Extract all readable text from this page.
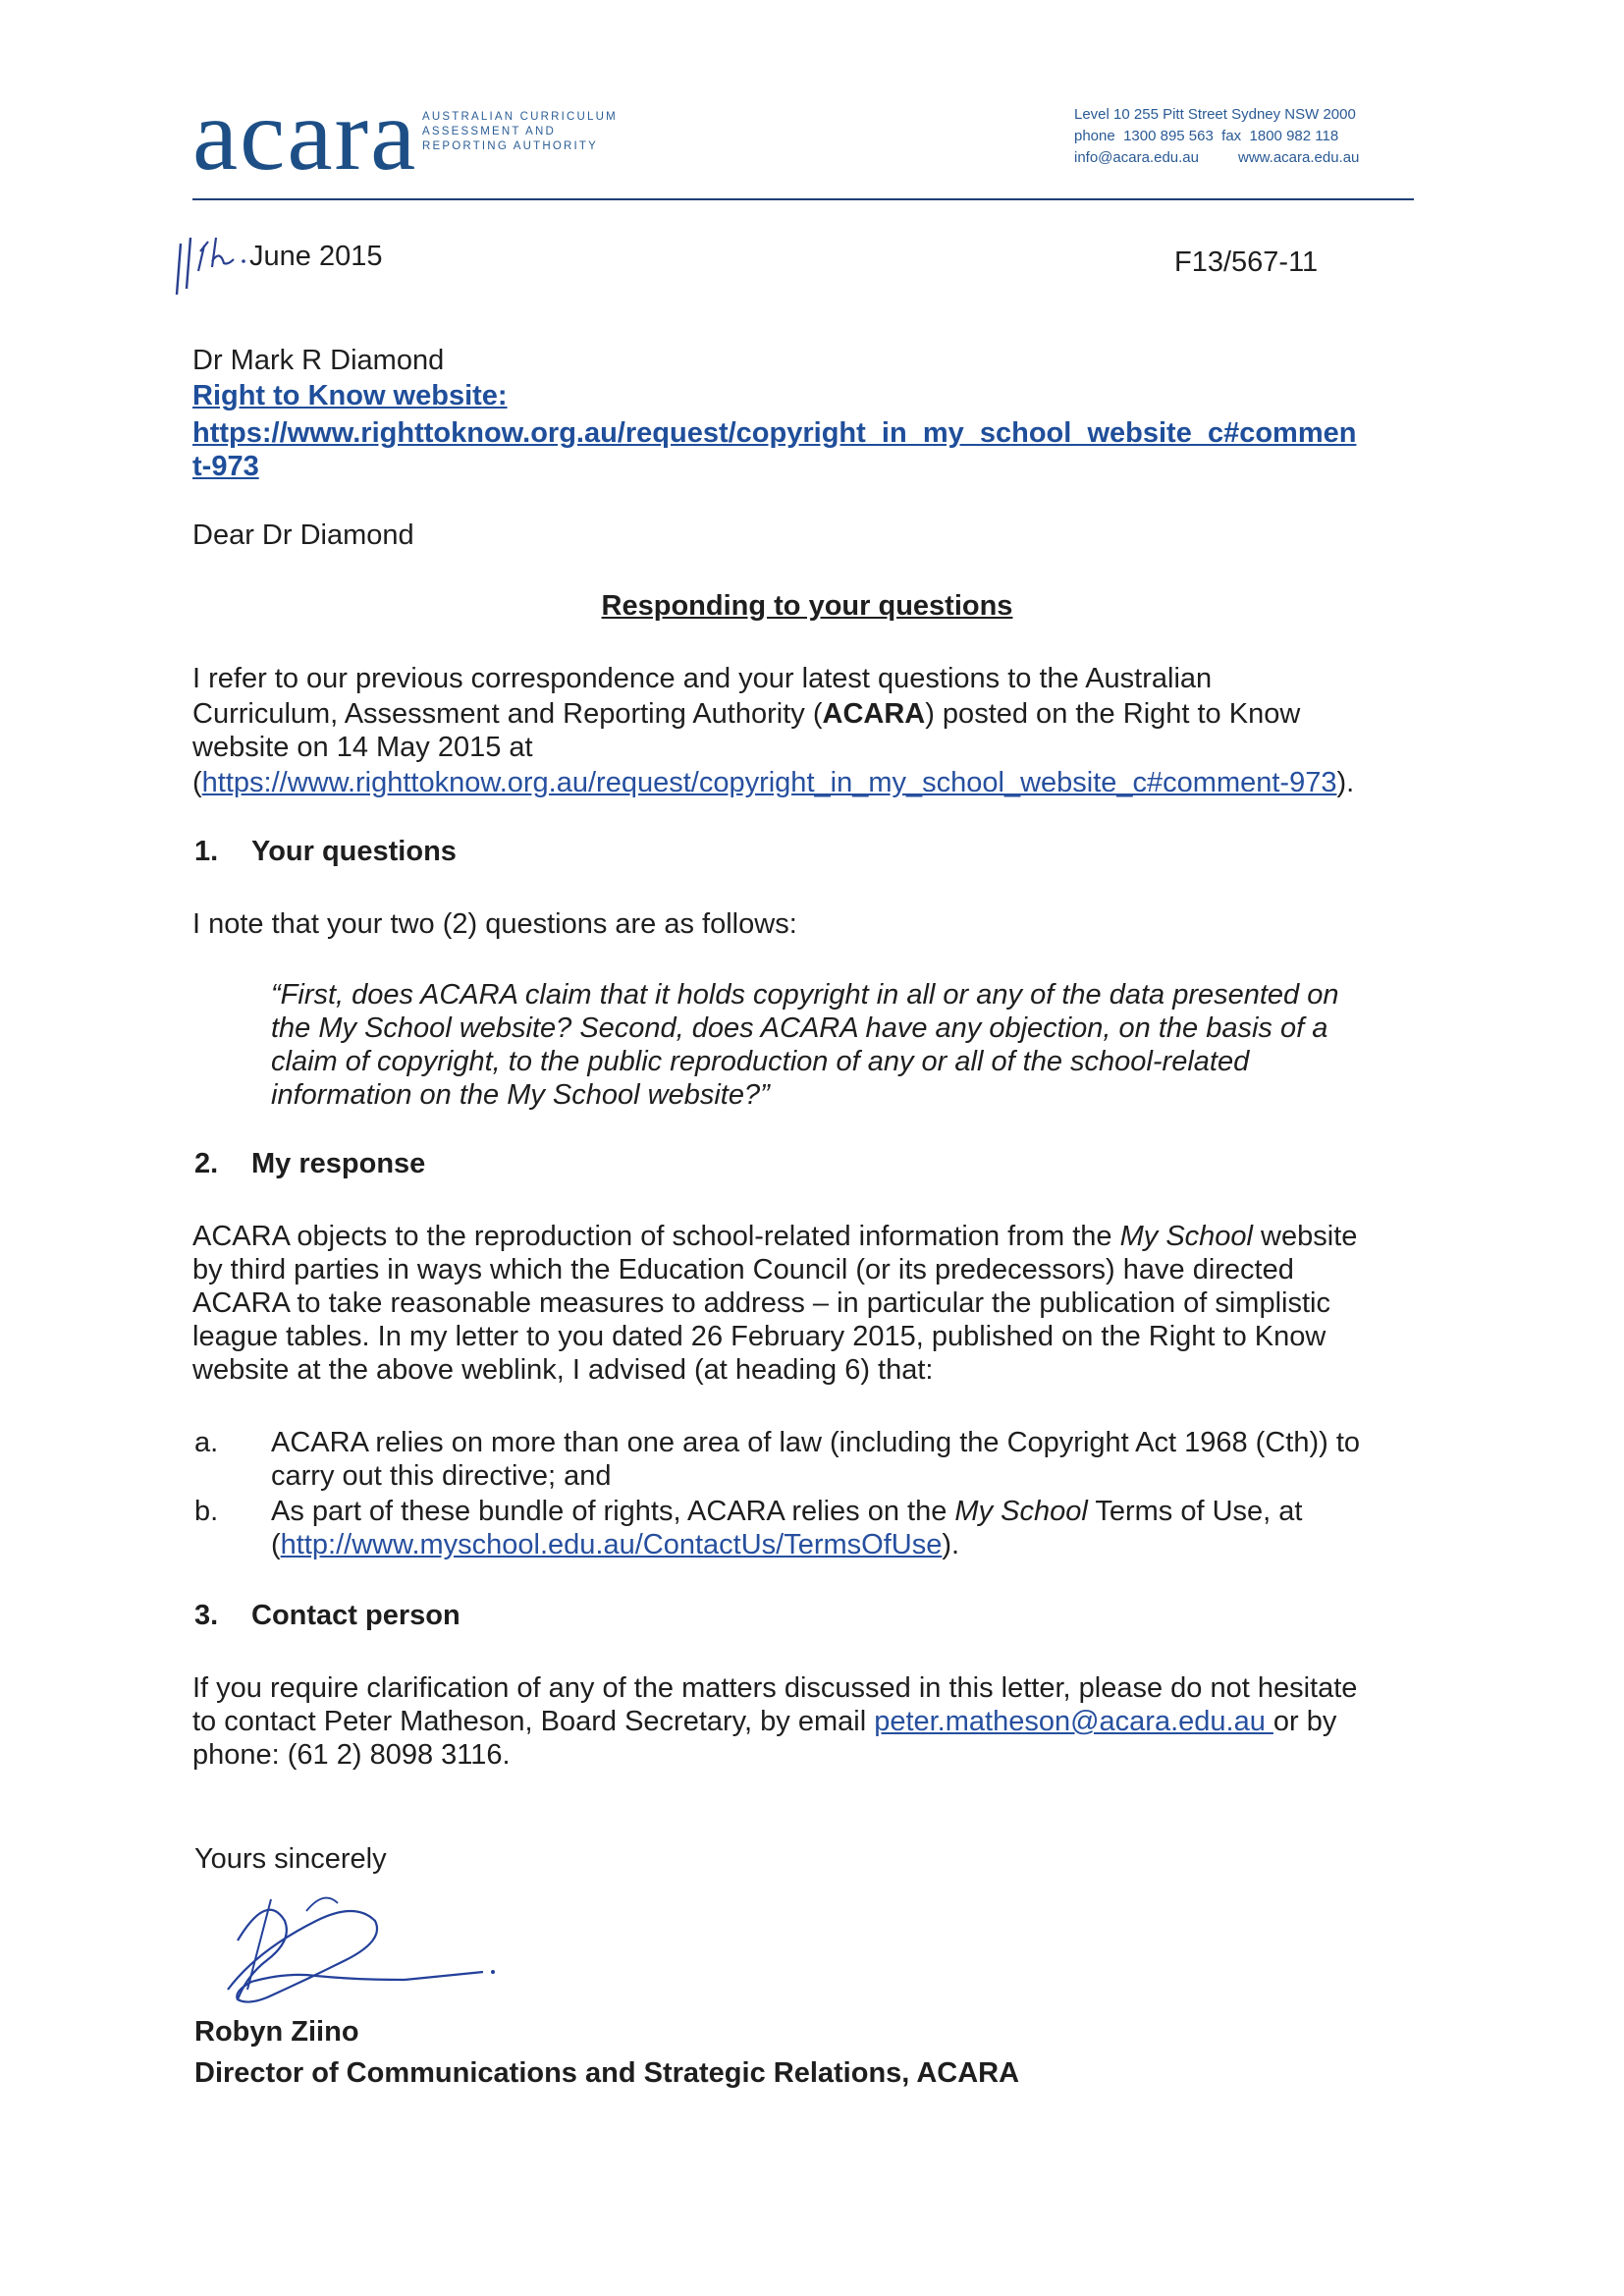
acara AUSTRALIAN CURRICULUM
ASSESSMENT AND
REPORTING AUTHORITY
Level 10 255 Pitt Street Sydney NSW 2000
phone 1300 895 563 fax 1800 982 118
info@acara.edu.au	www.acara.edu.au
June 2015	F13/567-11
Dr Mark R Diamond
Right to Know website:
https://www.righttoknow.org.au/request/copyright_in_my_school_website_c#commen
t-973
Dear Dr Diamond
Responding to your questions
I refer to our previous correspondence and your latest questions to the Australian
Curriculum, Assessment and Reporting Authority (ACARA) posted on the Right to Know
website on 14 May 2015 at
(https://www.righttoknow.org.au/request/copyright_in_my_school_website_c#comment-973).
1. Your questions
I note that your two (2) questions are as follows:
“First, does ACARA claim that it holds copyright in all or any of the data presented on
the My School website? Second, does ACARA have any objection, on the basis of a
claim of copyright, to the public reproduction of any or all of the school-related
information on the My School website?”
2. My response
ACARA objects to the reproduction of school-related information from the My School website
by third parties in ways which the Education Council (or its predecessors) have directed
ACARA to take reasonable measures to address – in particular the publication of simplistic
league tables. In my letter to you dated 26 February 2015, published on the Right to Know
website at the above weblink, I advised (at heading 6) that:
a. ACARA relies on more than one area of law (including the Copyright Act 1968 (Cth)) to
carry out this directive; and
b. As part of these bundle of rights, ACARA relies on the My School Terms of Use, at
(http://www.myschool.edu.au/ContactUs/TermsOfUse).
3. Contact person
If you require clarification of any of the matters discussed in this letter, please do not hesitate
to contact Peter Matheson, Board Secretary, by email peter.matheson@acara.edu.au or by
phone: (61 2) 8098 3116.
Yours sincerely
Robyn Ziino
Director of Communications and Strategic Relations, ACARA
